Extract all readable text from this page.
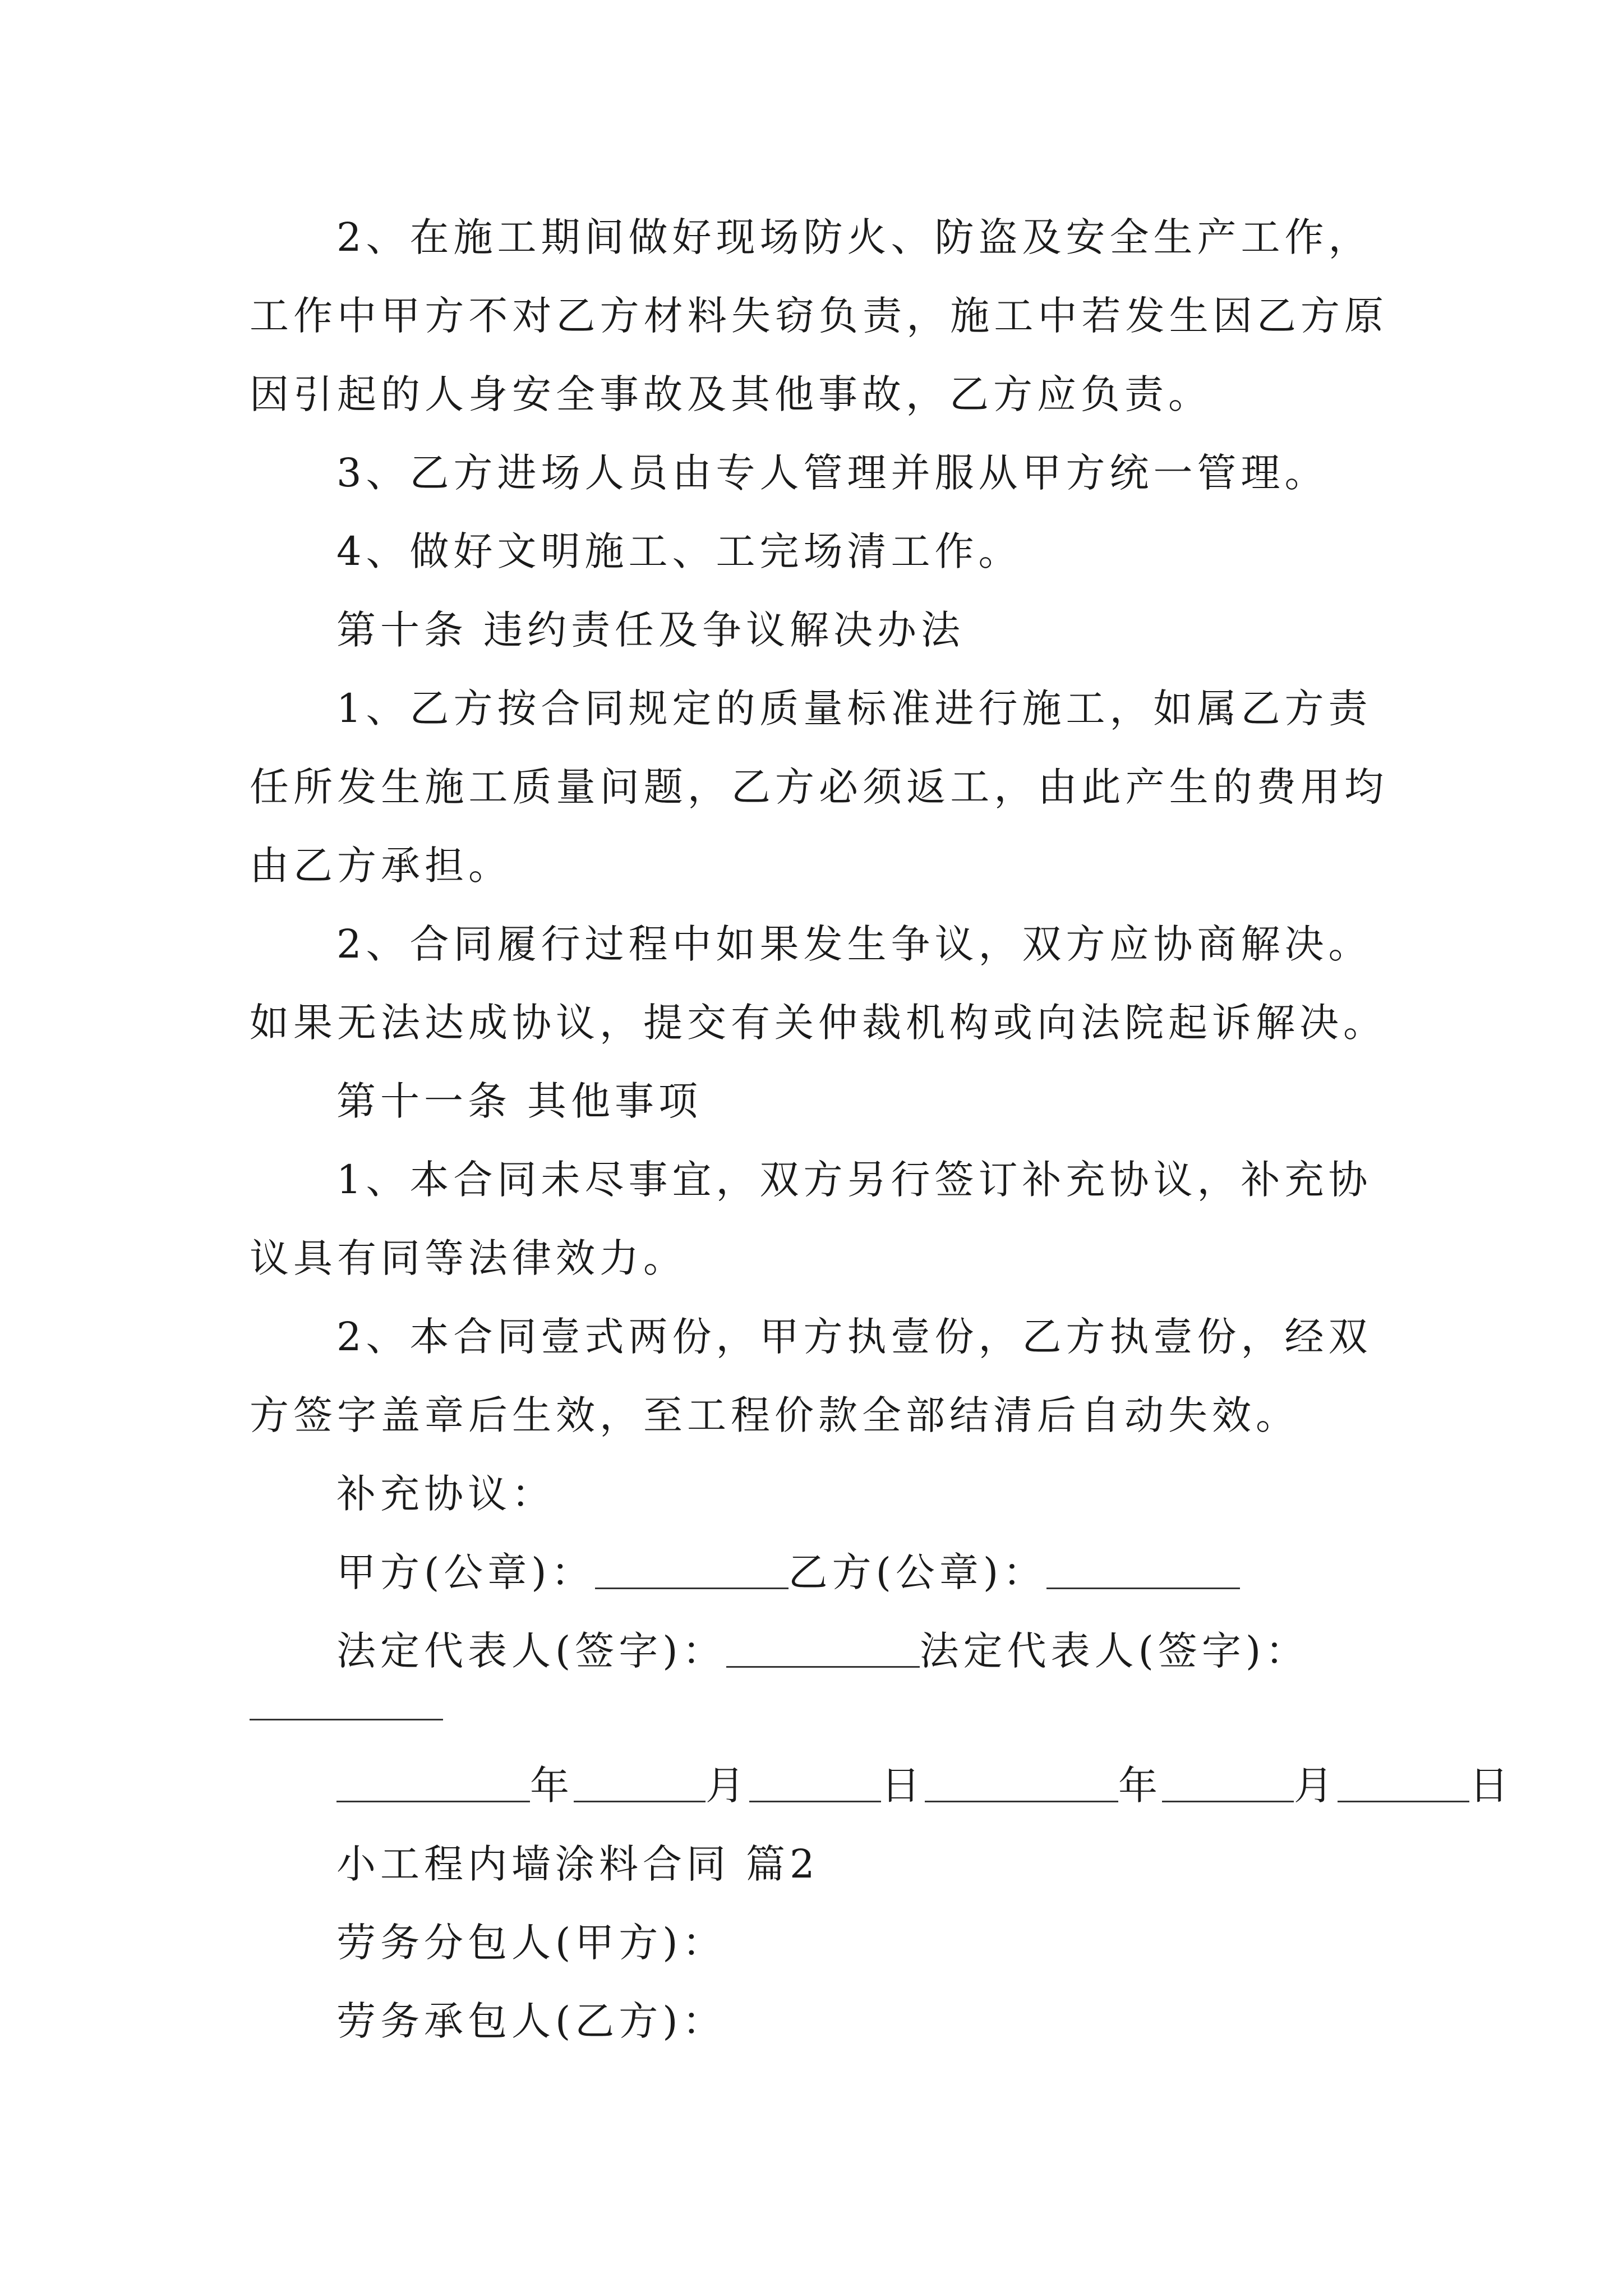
2、在施工期间做好现场防火、防盗及安全生产工作，
工作中甲方不对乙方材料失窃负责，施工中若发生因乙方原
因引起的人身安全事故及其他事故，乙方应负责。
3、乙方进场人员由专人管理并服从甲方统一管理。
4、做好文明施工、工完场清工作。
第十条 违约责任及争议解决办法
1、乙方按合同规定的质量标准进行施工，如属乙方责
任所发生施工质量问题，乙方必须返工，由此产生的费用均
由乙方承担。
2、合同履行过程中如果发生争议，双方应协商解决。
如果无法达成协议，提交有关仲裁机构或向法院起诉解决。
第十一条 其他事项
1、本合同未尽事宜，双方另行签订补充协议，补充协
议具有同等法律效力。
2、本合同壹式两份，甲方执壹份，乙方执壹份，经双
方签字盖章后生效，至工程价款全部结清后自动失效。
补充协议：
甲方(公章)：	乙方(公章)：
法定代表人(签字)：	法定代表人(签字)：
年	月	日	年	月	日
小工程内墙涂料合同 篇2
劳务分包人(甲方)：
劳务承包人(乙方)：
